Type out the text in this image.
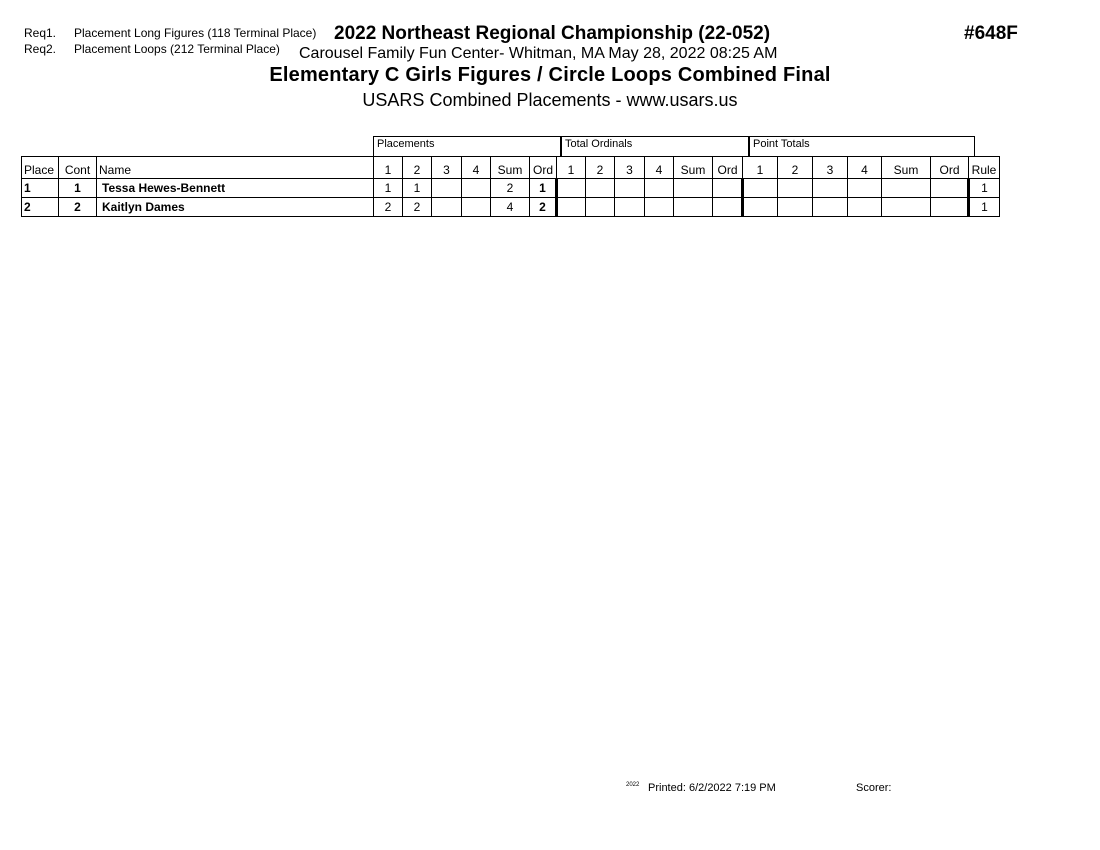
Req1. Placement Long Figures (118 Terminal Place)
Req2. Placement Loops (212 Terminal Place)
2022 Northeast Regional Championship (22-052)	#648F
Carousel Family Fun Center- Whitman, MA May 28, 2022 08:25 AM
Elementary C Girls Figures / Circle Loops Combined Final
USARS Combined Placements - www.usars.us
Placements	Total Ordinals	Point Totals
Place	Cont	Name	1	2	3	4	Sum	Ord	1	2	3	4	Sum	Ord	1	2	3	4	Sum	Ord	Rule
1	1	Tessa Hewes-Bennett	1	1			2	1													1
2	2	Kaitlyn Dames	2	2			4	2													1
2022 Printed: 6/2/2022 7:19 PM	Scorer:
